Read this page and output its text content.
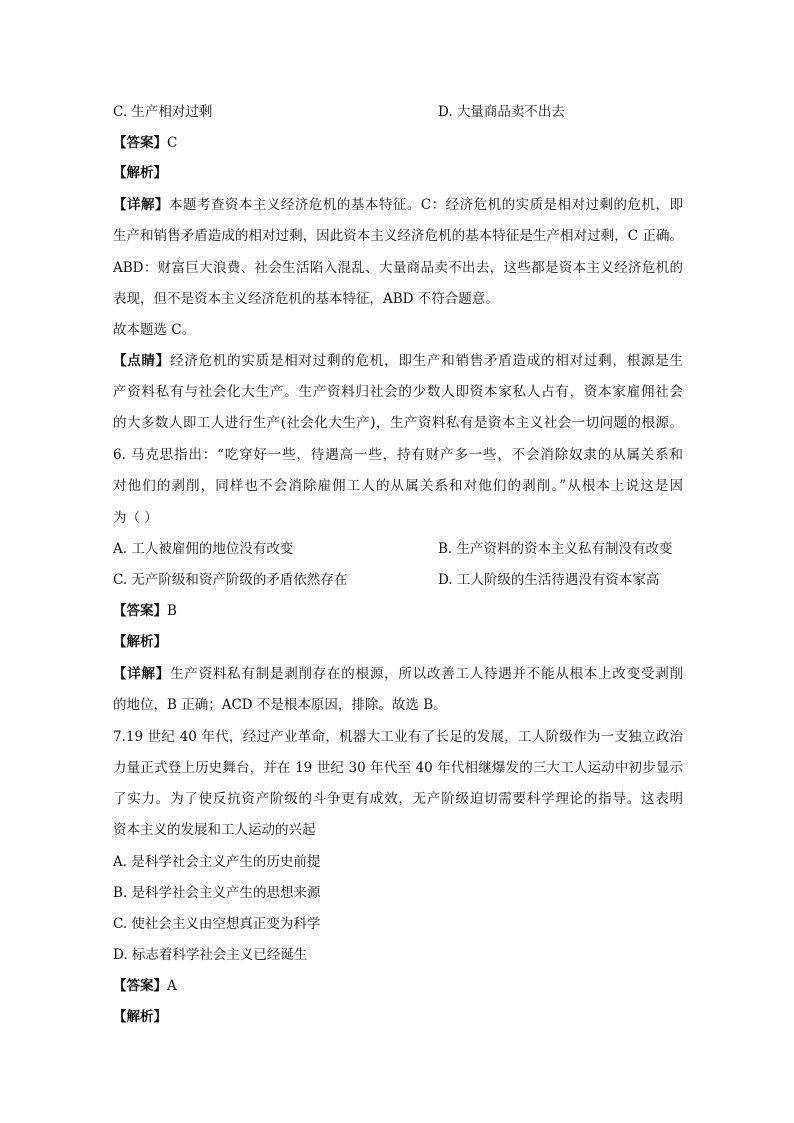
C. 生产相对过剩	D. 大量商品卖不出去
【答案】C
【解析】
【详解】本题考查资本主义经济危机的基本特征。C：经济危机的实质是相对过剩的危机，即
生产和销售矛盾造成的相对过剩，因此资本主义经济危机的基本特征是生产相对过剩，C 正确。
ABD：财富巨大浪费、社会生活陷入混乱、大量商品卖不出去，这些都是资本主义经济危机的
表现，但不是资本主义经济危机的基本特征，ABD 不符合题意。
故本题选 C。
【点睛】经济危机的实质是相对过剩的危机，即生产和销售矛盾造成的相对过剩，根源是生
产资料私有与社会化大生产。生产资料归社会的少数人即资本家私人占有，资本家雇佣社会
的大多数人即工人进行生产(社会化大生产)，生产资料私有是资本主义社会一切问题的根源。
6. 马克思指出：“吃穿好一些，待遇高一些，持有财产多一些，不会消除奴隶的从属关系和
对他们的剥削，同样也不会消除雇佣工人的从属关系和对他们的剥削。”从根本上说这是因
为（ ）
A. 工人被雇佣的地位没有改变	B. 生产资料的资本主义私有制没有改变
C. 无产阶级和资产阶级的矛盾依然存在	D. 工人阶级的生活待遇没有资本家高
【答案】B
【解析】
【详解】生产资料私有制是剥削存在的根源，所以改善工人待遇并不能从根本上改变受剥削
的地位，B 正确；ACD 不是根本原因，排除。故选 B。
7.19 世纪 40 年代，经过产业革命，机器大工业有了长足的发展，工人阶级作为一支独立政治
力量正式登上历史舞台，并在 19 世纪 30 年代至 40 年代相继爆发的三大工人运动中初步显示
了实力。为了使反抗资产阶级的斗争更有成效，无产阶级迫切需要科学理论的指导。这表明
资本主义的发展和工人运动的兴起
A. 是科学社会主义产生的历史前提
B. 是科学社会主义产生的思想来源
C. 使社会主义由空想真正变为科学
D. 标志着科学社会主义已经诞生
【答案】A
【解析】
